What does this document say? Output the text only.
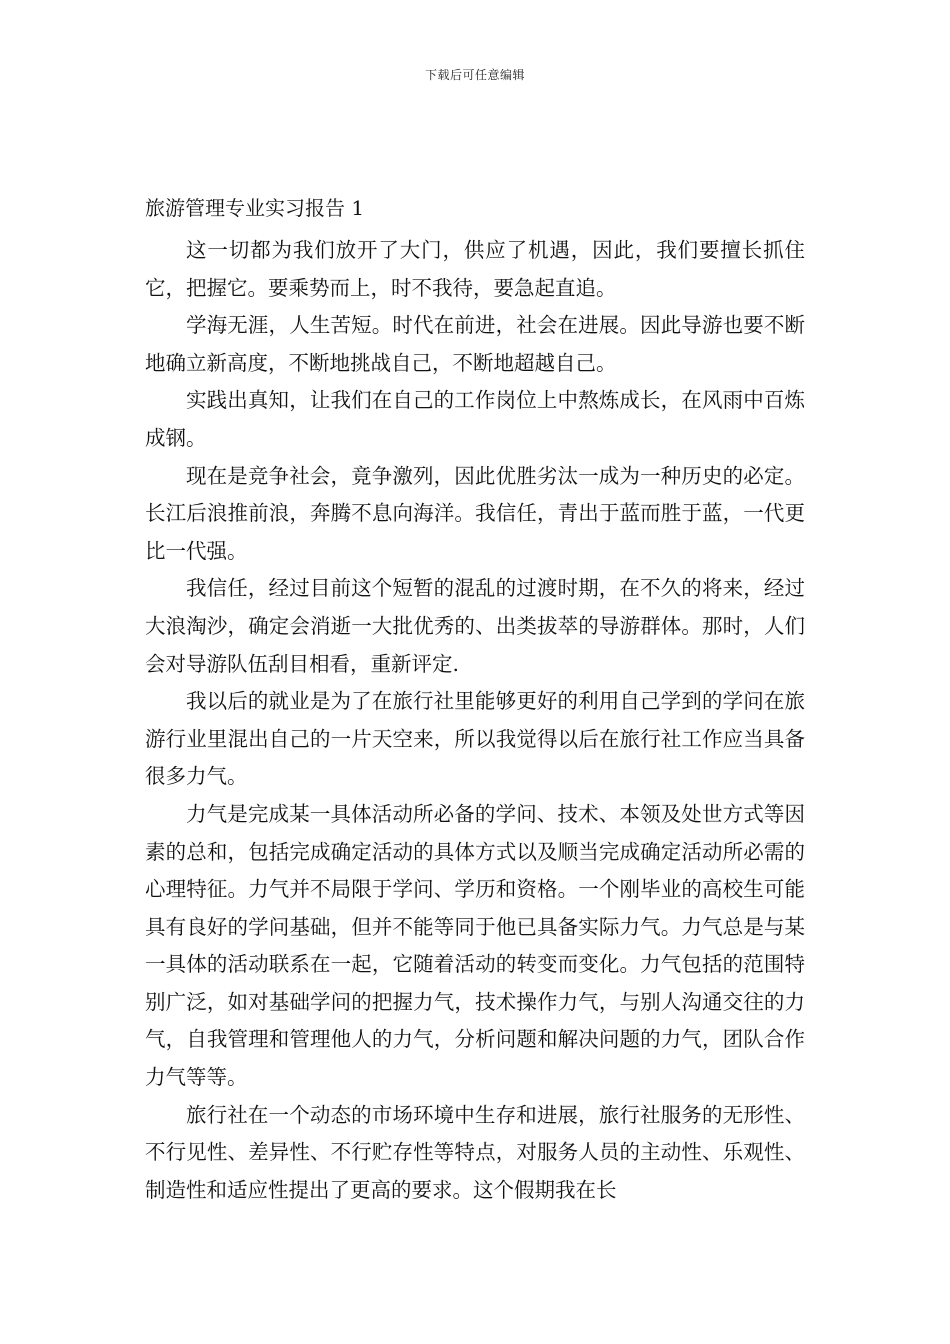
下载后可任意编辑
旅游管理专业实习报告 1

这一切都为我们放开了大门，供应了机遇，因此，我们要擅长抓住它，把握它。要乘势而上，时不我待，要急起直追。

学海无涯，人生苦短。时代在前进，社会在进展。因此导游也要不断地确立新高度，不断地挑战自己，不断地超越自己。

实践出真知，让我们在自己的工作岗位上中熬炼成长，在风雨中百炼成钢。

现在是竞争社会，竟争激列，因此优胜劣汰一成为一种历史的必定。长江后浪推前浪，奔腾不息向海洋。我信任，青出于蓝而胜于蓝，一代更比一代强。

我信任，经过目前这个短暂的混乱的过渡时期，在不久的将来，经过大浪淘沙，确定会消逝一大批优秀的、出类拔萃的导游群体。那时，人们会对导游队伍刮目相看，重新评定.

我以后的就业是为了在旅行社里能够更好的利用自己学到的学问在旅游行业里混出自己的一片天空来，所以我觉得以后在旅行社工作应当具备很多力气。

力气是完成某一具体活动所必备的学问、技术、本领及处世方式等因素的总和，包括完成确定活动的具体方式以及顺当完成确定活动所必需的心理特征。力气并不局限于学问、学历和资格。一个刚毕业的高校生可能具有良好的学问基础，但并不能等同于他已具备实际力气。力气总是与某一具体的活动联系在一起，它随着活动的转变而变化。力气包括的范围特别广泛，如对基础学问的把握力气，技术操作力气，与别人沟通交往的力气，自我管理和管理他人的力气，分析问题和解决问题的力气，团队合作力气等等。

旅行社在一个动态的市场环境中生存和进展，旅行社服务的无形性、不行见性、差异性、不行贮存性等特点，对服务人员的主动性、乐观性、制造性和适应性提出了更高的要求。这个假期我在长
